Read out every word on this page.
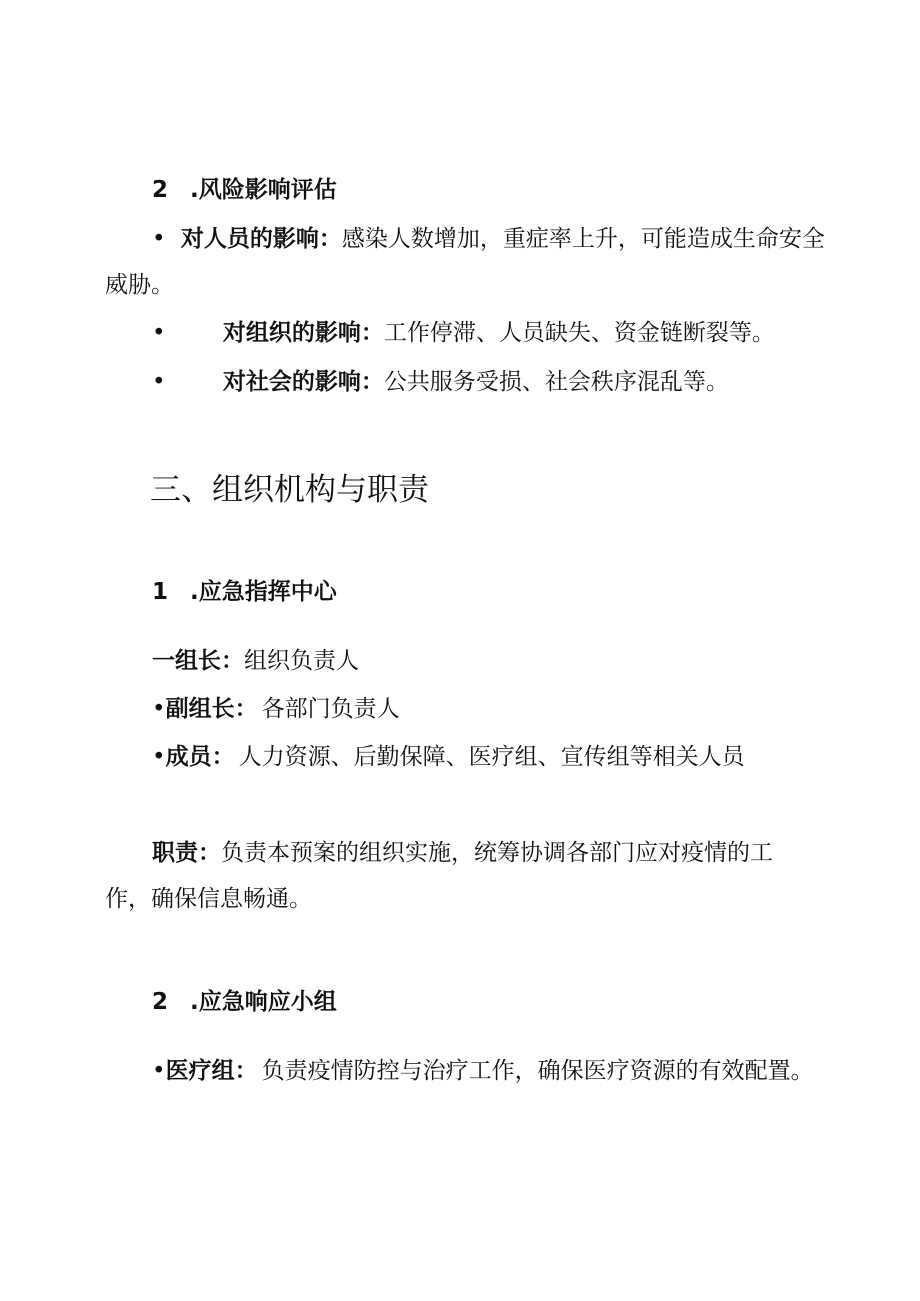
2 .风险影响评估
• 对人员的影响：感染人数增加，重症率上升，可能造成生命安全
威胁。
• 对组织的影响：工作停滞、人员缺失、资金链断裂等。
• 对社会的影响：公共服务受损、社会秩序混乱等。
三、组织机构与职责
1 .应急指挥中心
一组长：组织负责人
•副组长： 各部门负责人
•成员： 人力资源、后勤保障、医疗组、宣传组等相关人员
职责：负责本预案的组织实施，统筹协调各部门应对疫情的工
作，确保信息畅通。
2 .应急响应小组
•医疗组： 负责疫情防控与治疗工作，确保医疗资源的有效配置。
